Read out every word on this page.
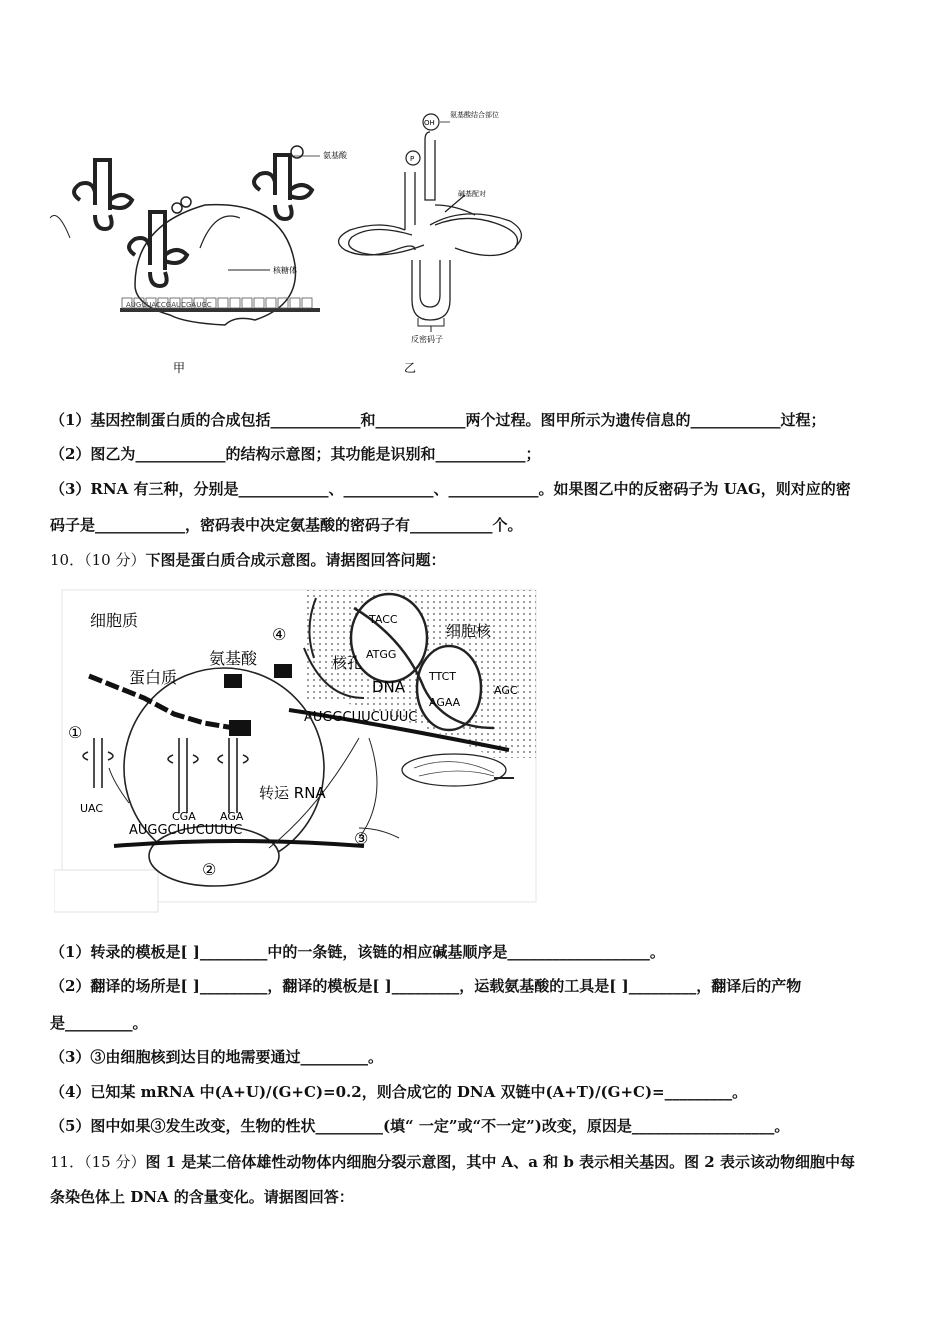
AUGCUACCGAUCGAUGC
氨基酸
核糖体
甲
OH
P
氨基酸结合部位
碱基配对
反密码子
乙
（1）基因控制蛋白质的合成包括____________和____________两个过程。图甲所示为遗传信息的____________过程；
（2）图乙为____________的结构示意图；其功能是识别和____________；
（3）RNA 有三种，分别是____________、____________、____________。如果图乙中的反密码子为 UAG，则对应的密
码子是____________，密码表中决定氨基酸的密码子有___________个。
10．（10 分）下图是蛋白质合成示意图。请据图回答问题：
TACC
ATGG
TTCT
AGAA
AGC
AUGGCUUCUUUC
AUGGCUUCUUUC
UAC
CGA AGA
细胞质
蛋白质
氨基酸	核孔
DNA
细胞核
转运 RNA
①
②
③
④
（1）转录的模板是[ ]_________中的一条链，该链的相应碱基顺序是___________________。
（2）翻译的场所是[ ]_________，翻译的模板是[ ]_________，运载氨基酸的工具是[ ]_________，翻译后的产物
是_________。
（3）③由细胞核到达目的地需要通过_________。
（4）已知某 mRNA 中(A+U)/(G+C)=0.2，则合成它的 DNA 双链中(A+T)/(G+C)=_________。
（5）图中如果③发生改变，生物的性状_________(填“ 一定”或“不一定”)改变，原因是___________________。
11．（15 分）图 1 是某二倍体雄性动物体内细胞分裂示意图，其中 A、a 和 b 表示相关基因。图 2 表示该动物细胞中每
条染色体上 DNA 的含量变化。请据图回答：
